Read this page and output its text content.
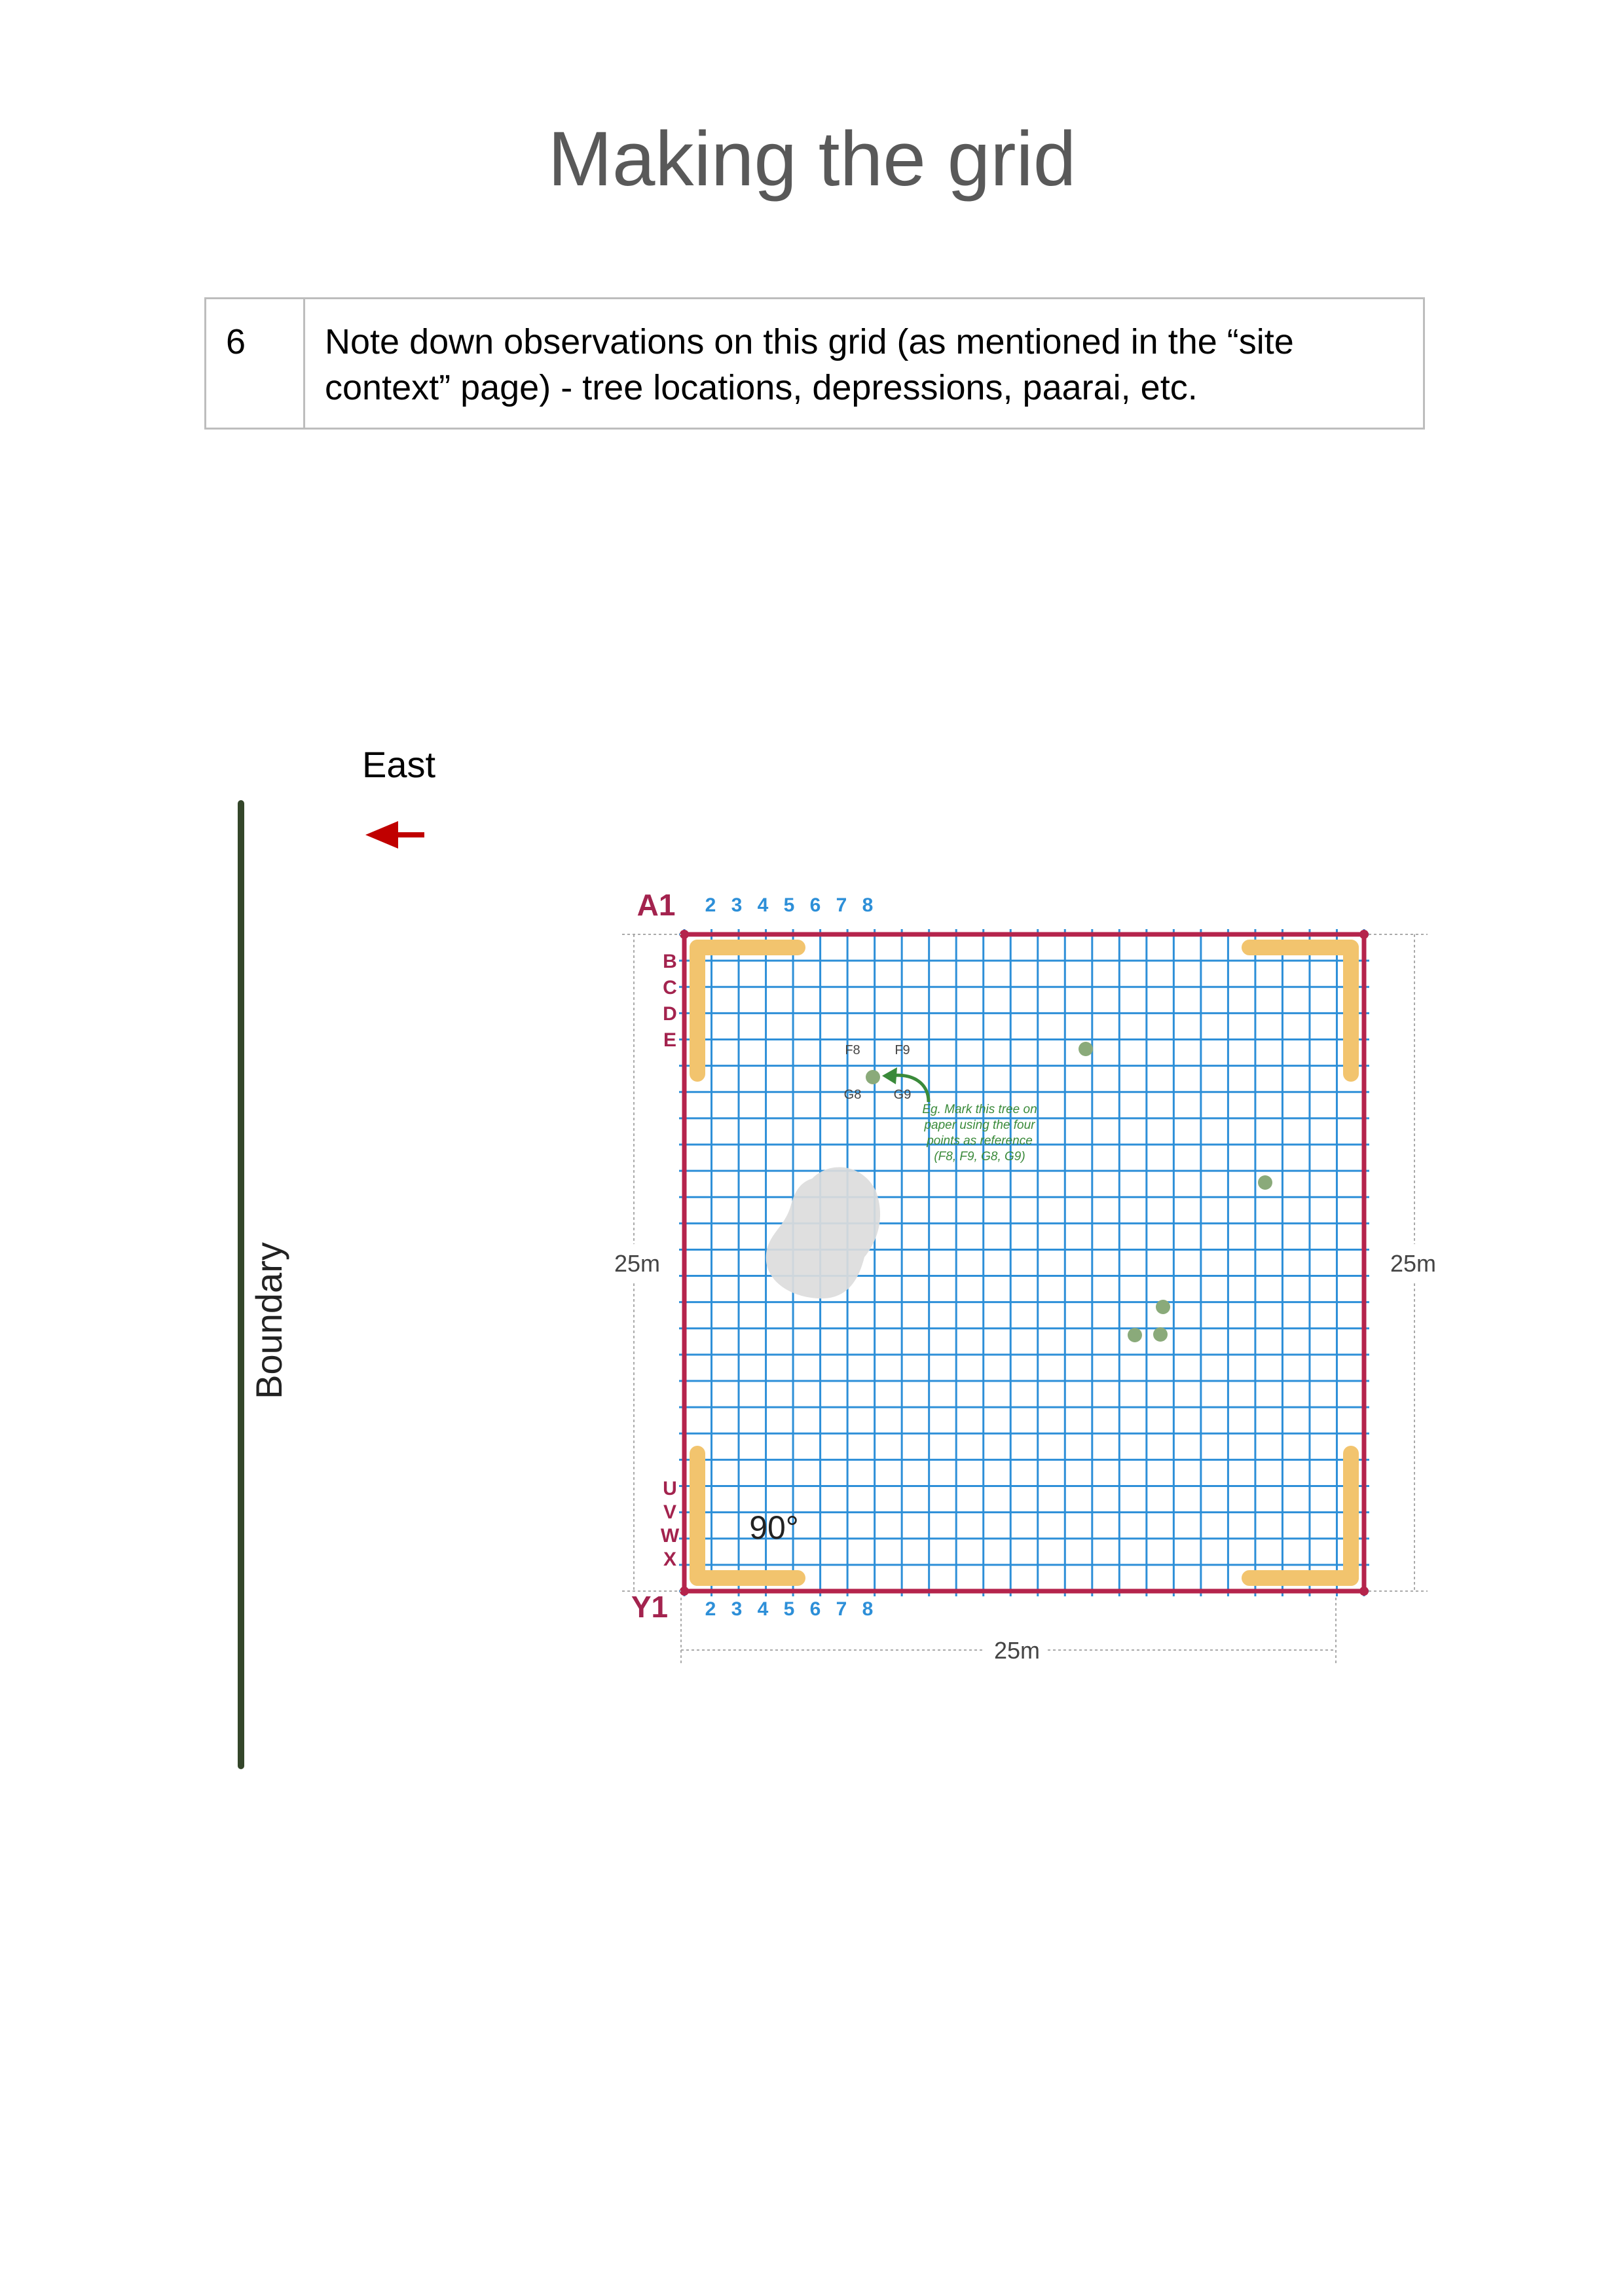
Making the grid
6	Note down observations on this grid (as mentioned in the “site context” page) - tree locations, depressions, paarai, etc.
East
Boundary
F8	F9
G8 G9
Eg. Mark this tree on
paper using the four
points as reference
(F8, F9, G8, G9)
A1
Y1
2
2
3
3
4
4
5
5
6
6
7
7
8
8
B
C
D
E
U
V
W
X
25m	25m
25m
90°
